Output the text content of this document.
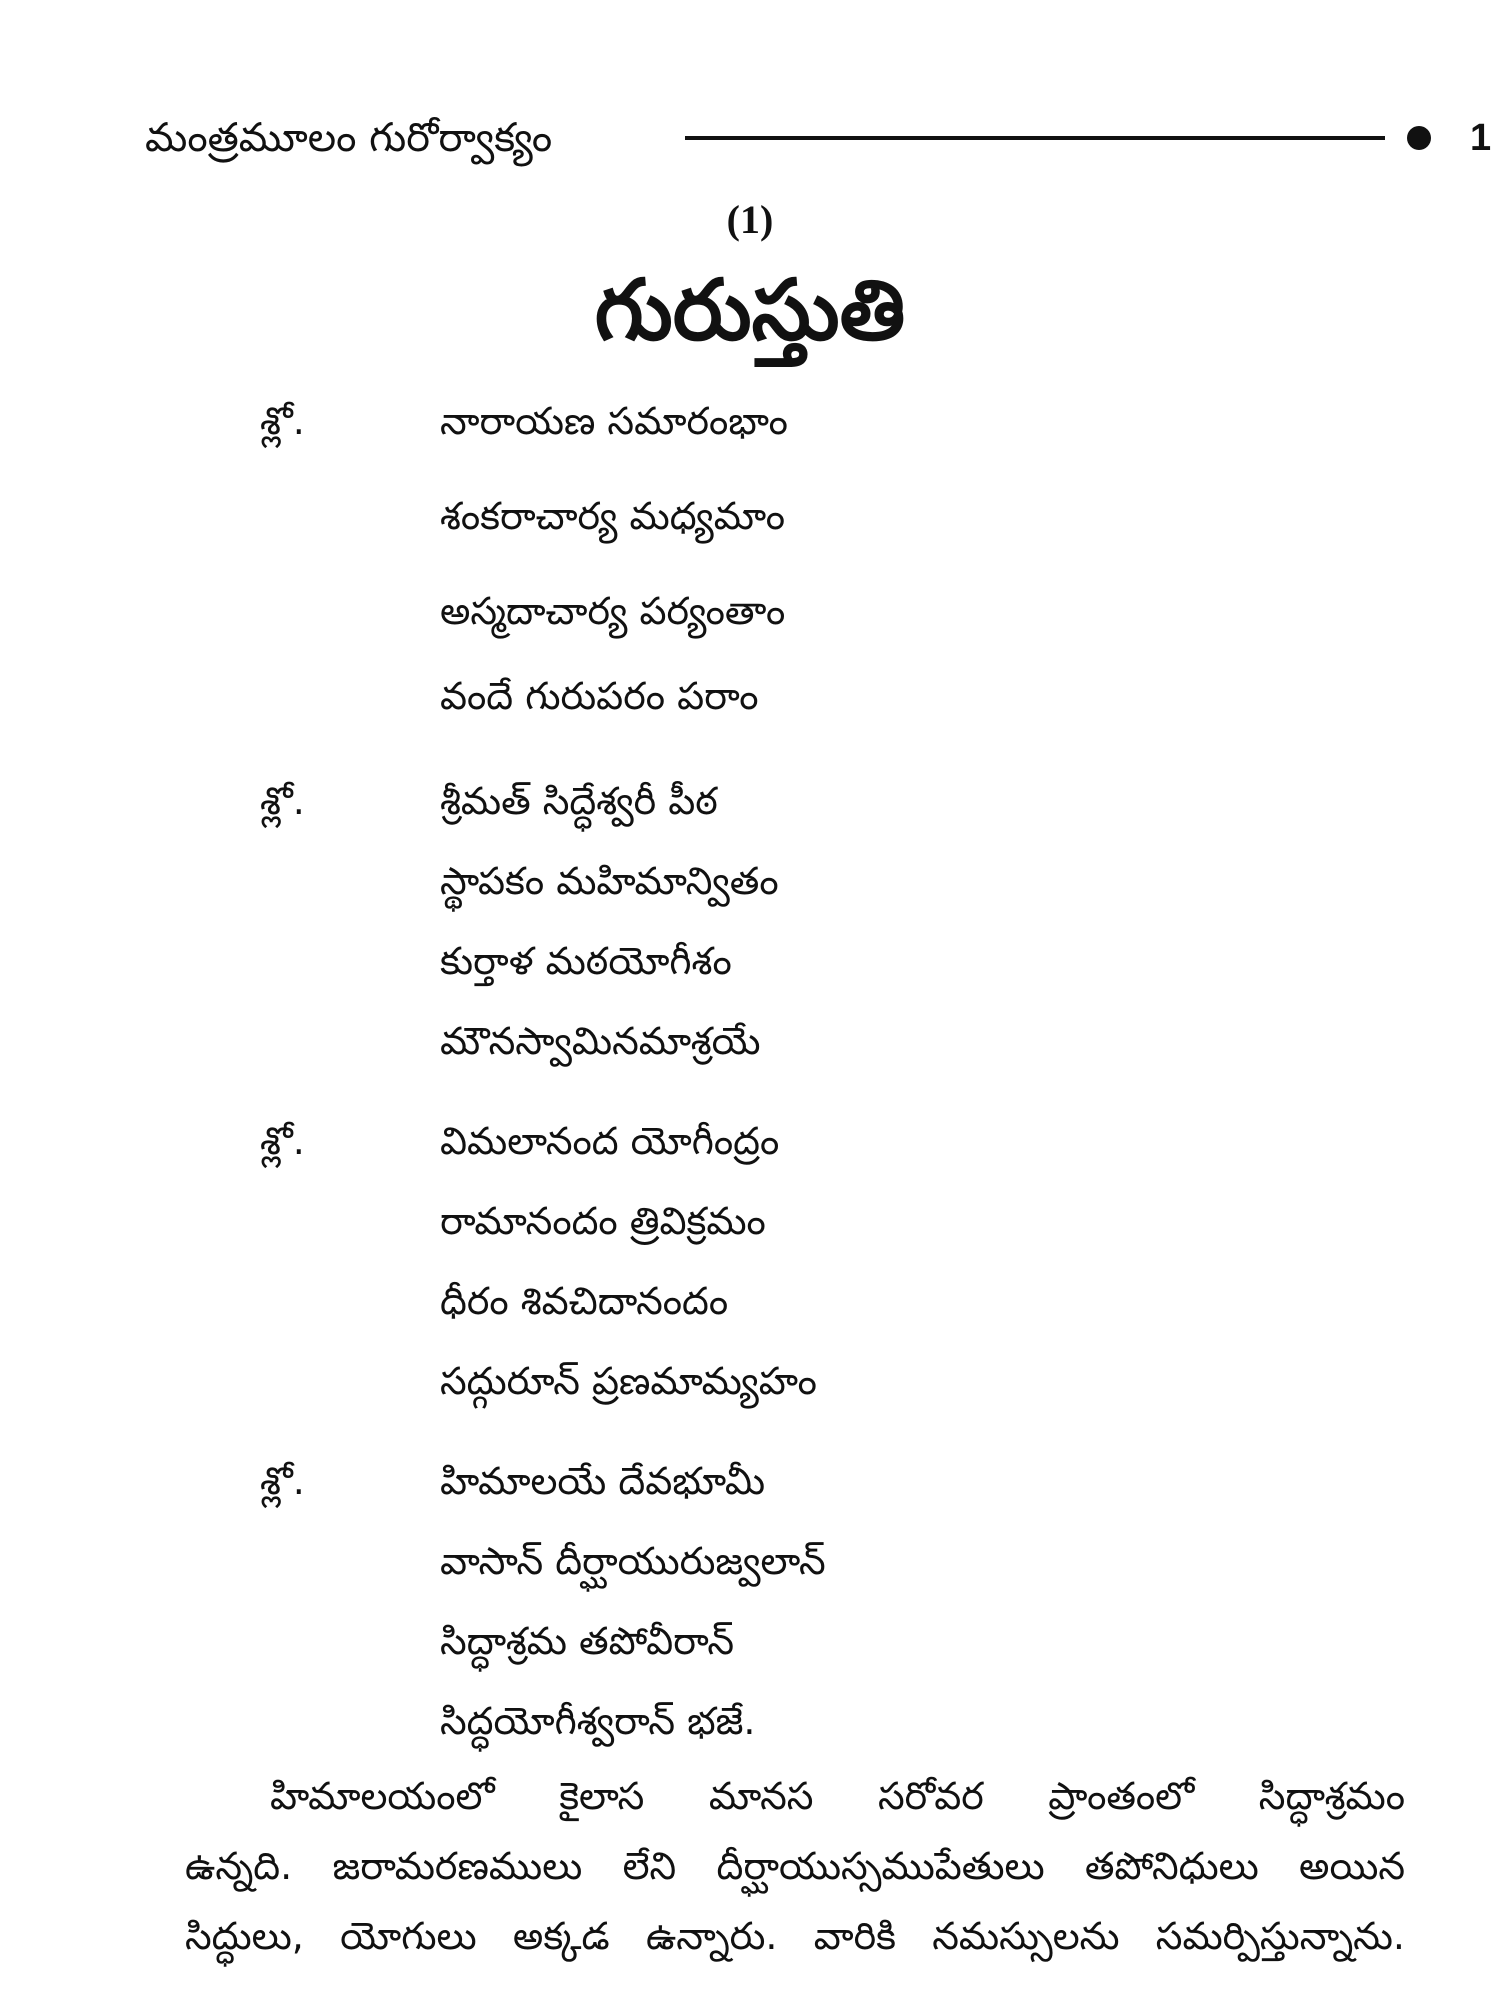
మంత్రమూలం గురోర్వాక్యం	1
(1)
గురుస్తుతి
శ్లో.	నారాయణ సమారంభాం
శంకరాచార్య మధ్యమాం
అస్మదాచార్య పర్యంతాం
వందే గురుపరం పరాం
శ్లో.	శ్రీమత్ సిద్ధేశ్వరీ పీఠ
స్థాపకం మహిమాన్వితం
కుర్తాళ మఠయోగీశం
మౌనస్వామినమాశ్రయే
శ్లో.	విమలానంద యోగీంద్రం
రామానందం త్రివిక్రమం
ధీరం శివచిదానందం
సద్గురూన్ ప్రణమామ్యహం
శ్లో.	హిమాలయే దేవభూమీ
వాసాన్ దీర్ఘాయురుజ్వలాన్
సిద్ధాశ్రమ తపోవీరాన్
సిద్ధయోగీశ్వరాన్ భజే.
హిమాలయంలో కైలాస మానస సరోవర ప్రాంతంలో సిద్ధాశ్రమం
ఉన్నది. జరామరణములు లేని దీర్ఘాయుస్సముపేతులు తపోనిధులు అయిన
సిద్ధులు, యోగులు అక్కడ ఉన్నారు. వారికి నమస్సులను సమర్పిస్తున్నాను.
